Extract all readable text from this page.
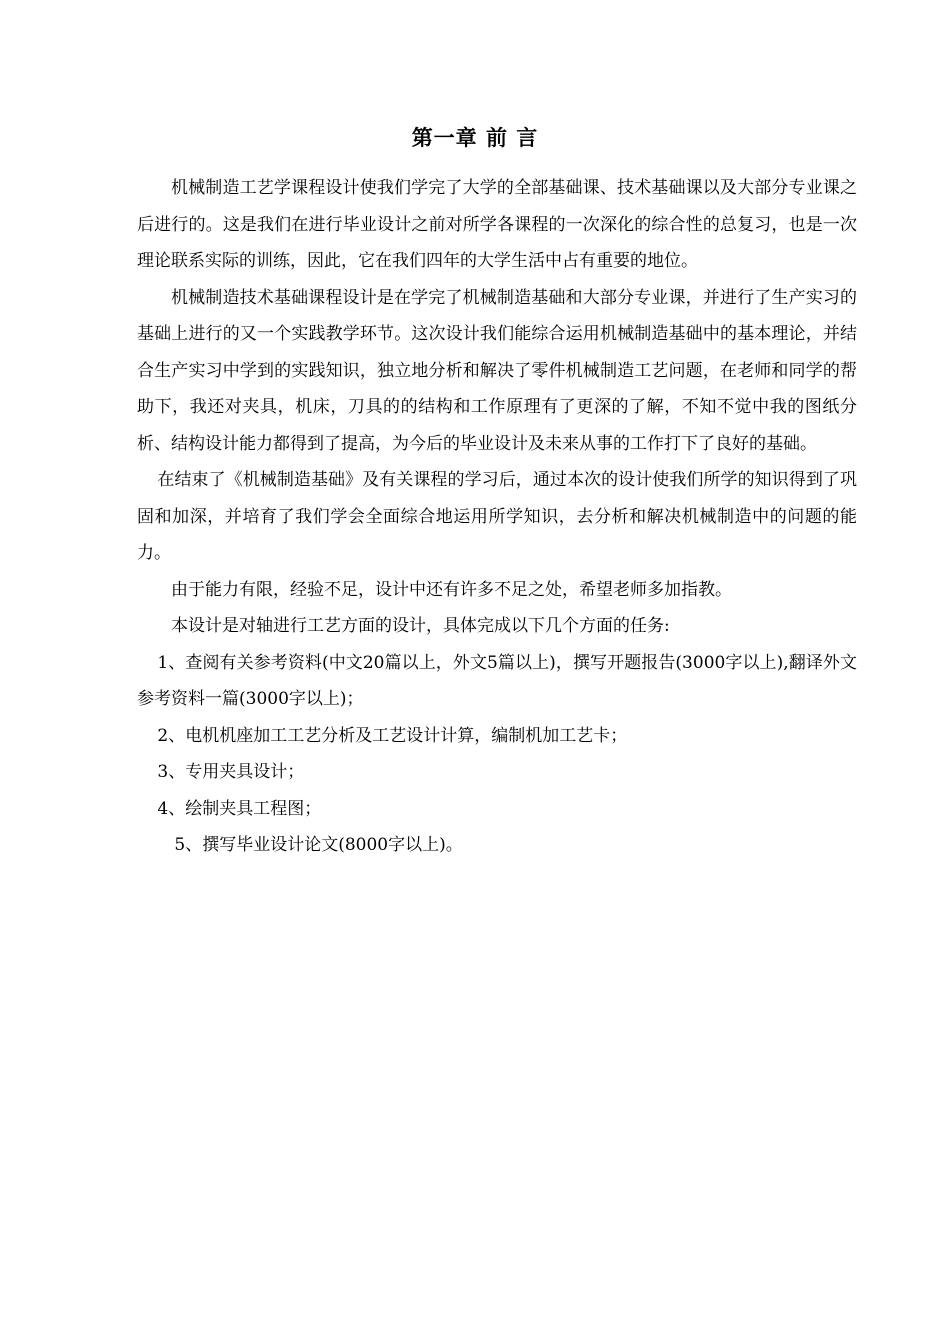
第一章 前 言

机械制造工艺学课程设计使我们学完了大学的全部基础课、技术基础课以及大部分专业课之后进行的。这是我们在进行毕业设计之前对所学各课程的一次深化的综合性的总复习，也是一次理论联系实际的训练，因此，它在我们四年的大学生活中占有重要的地位。

机械制造技术基础课程设计是在学完了机械制造基础和大部分专业课，并进行了生产实习的基础上进行的又一个实践教学环节。这次设计我们能综合运用机械制造基础中的基本理论，并结合生产实习中学到的实践知识，独立地分析和解决了零件机械制造工艺问题，在老师和同学的帮助下，我还对夹具，机床，刀具的的结构和工作原理有了更深的了解，不知不觉中我的图纸分析、结构设计能力都得到了提高，为今后的毕业设计及未来从事的工作打下了良好的基础。

在结束了《机械制造基础》及有关课程的学习后，通过本次的设计使我们所学的知识得到了巩固和加深，并培育了我们学会全面综合地运用所学知识，去分析和解决机械制造中的问题的能力。

由于能力有限，经验不足，设计中还有许多不足之处，希望老师多加指教。

本设计是对轴进行工艺方面的设计，具体完成以下几个方面的任务:

1、查阅有关参考资料(中文20篇以上，外文5篇以上)，撰写开题报告(3000字以上),翻译外文参考资料一篇(3000字以上)；

2、电机机座加工工艺分析及工艺设计计算，编制机加工艺卡；

3、专用夹具设计；

4、绘制夹具工程图；

5、撰写毕业设计论文(8000字以上)。
